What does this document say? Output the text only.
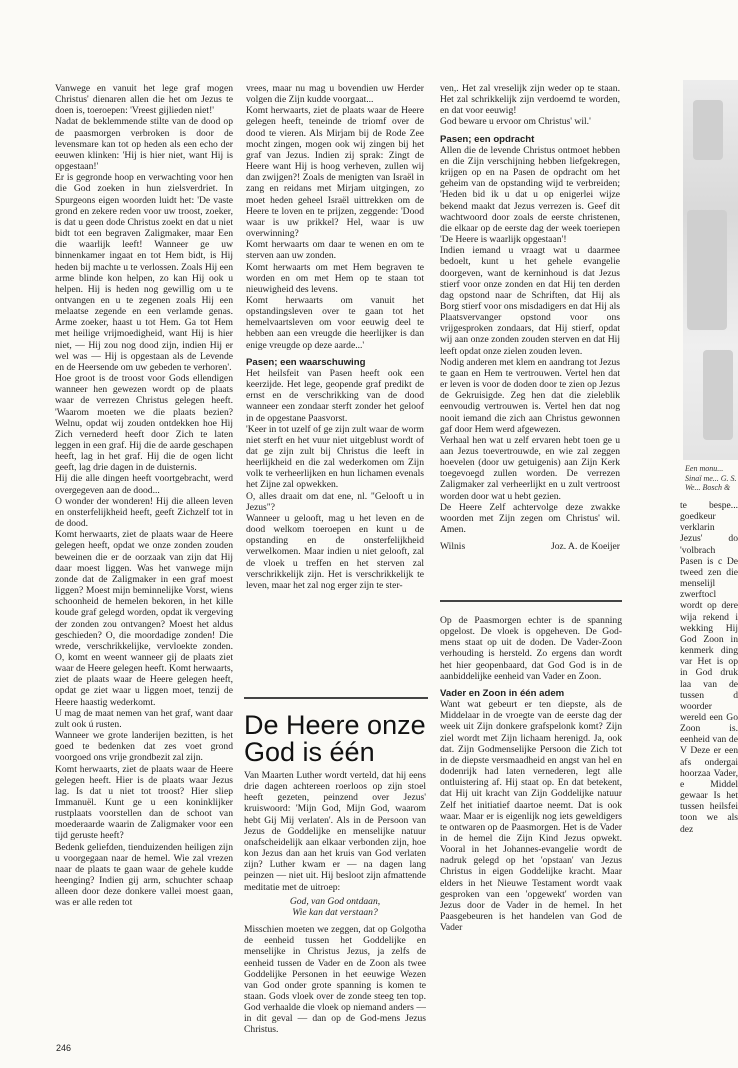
Vanwege en vanuit het lege graf mogen Christus' dienaren allen die het om Jezus te doen is, toeroepen: 'Vreest gijlieden niet!'

Nadat de beklemmende stilte van de dood op de paasmorgen verbroken is door de levensmare kan tot op heden als een echo der eeuwen klinken: 'Hij is hier niet, want Hij is opgestaan!'

Er is gegronde hoop en verwachting voor hen die God zoeken in hun zielsverdriet. In Spurgeons eigen woorden luidt het: 'De vaste grond en zekere reden voor uw troost, zoeker, is dat u geen dode Christus zoekt en dat u niet bidt tot een begraven Zaligmaker, maar Een die waarlijk leeft! Wanneer ge uw binnenkamer ingaat en tot Hem bidt, is Hij heden bij machte u te verlossen. Zoals Hij een arme blinde kon helpen, zo kan Hij ook u helpen. Hij is heden nog gewillig om u te ontvangen en u te zegenen zoals Hij een melaatse zegende en een verlamde genas. Arme zoeker, haast u tot Hem. Ga tot Hem met heilige vrijmoedigheid, want Hij is hier niet, — Hij zou nog dood zijn, indien Hij er wel was — Hij is opgestaan als de Levende en de Heersende om uw gebeden te verhoren'.

Hoe groot is de troost voor Gods ellendigen wanneer hen gewezen wordt op de plaats waar de verrezen Christus gelegen heeft. 'Waarom moeten we die plaats bezien? Welnu, opdat wij zouden ontdekken hoe Hij Zich vernederd heeft door Zich te laten leggen in een graf. Hij die de aarde geschapen heeft, lag in het graf. Hij die de ogen licht geeft, lag drie dagen in de duisternis.

Hij die alle dingen heeft voortgebracht, werd overgegeven aan de dood...

O wonder der wonderen! Hij die alleen leven en onsterfelijkheid heeft, geeft Zichzelf tot in de dood.

Komt herwaarts, ziet de plaats waar de Heere gelegen heeft, opdat we onze zonden zouden beweinen die er de oorzaak van zijn dat Hij daar moest liggen. Was het vanwege mijn zonde dat de Zaligmaker in een graf moest liggen? Moest mijn beminnelijke Vorst, wiens schoonheid de hemelen bekoren, in het kille koude graf gelegd worden, opdat ik vergeving der zonden zou ontvangen? Moest het aldus geschieden? O, die moordadige zonden! Die wrede, verschrikkelijke, vervloekte zonden. O, komt en weent wanneer gij de plaats ziet waar de Heere gelegen heeft. Komt herwaarts, ziet de plaats waar de Heere gelegen heeft, opdat ge ziet waar u liggen moet, tenzij de Heere haastig wederkomt.

U mag de maat nemen van het graf, want daar zult ook ú rusten.

Wanneer we grote landerijen bezitten, is het goed te bedenken dat zes voet grond voorgoed ons vrije grondbezit zal zijn.

Komt herwaarts, ziet de plaats waar de Heere gelegen heeft. Hier is de plaats waar Jezus lag. Is dat u niet tot troost? Hier sliep Immanuël. Kunt ge u een koninklijker rustplaats voorstellen dan de schoot van moederaarde waarin de Zaligmaker voor een tijd geruste heeft?

Bedenk geliefden, tienduizenden heiligen zijn u voorgegaan naar de hemel. Wie zal vrezen naar de plaats te gaan waar de gehele kudde heenging? Indien gij arm, schuchter schaap alleen door deze donkere vallei moest gaan, was er alle reden tot

vrees, maar nu mag u bovendien uw Herder volgen die Zijn kudde voorgaat...

Komt herwaarts, ziet de plaats waar de Heere gelegen heeft, teneinde de triomf over de dood te vieren. Als Mirjam bij de Rode Zee mocht zingen, mogen ook wij zingen bij het graf van Jezus. Indien zij sprak: Zingt de Heere want Hij is hoog verheven, zullen wij dan zwijgen?! Zoals de menigten van Israël in zang en reidans met Mirjam uitgingen, zo moet heden geheel Israël uittrekken om de Heere te loven en te prijzen, zeggende: 'Dood waar is uw prikkel? Hel, waar is uw overwinning?

Komt herwaarts om daar te wenen en om te sterven aan uw zonden.

Komt herwaarts om met Hem begraven te worden en om met Hem op te staan tot nieuwigheid des levens.

Komt herwaarts om vanuit het opstandingsleven over te gaan tot het hemelvaartsleven om voor eeuwig deel te hebben aan een vreugde die heerlijker is dan enige vreugde op deze aarde...'

Pasen; een waarschuwing

Het heilsfeit van Pasen heeft ook een keerzijde. Het lege, geopende graf predikt de ernst en de verschrikking van de dood wanneer een zondaar sterft zonder het geloof in de opgestane Paasvorst.

'Keer in tot uzelf of ge zijn zult waar de worm niet sterft en het vuur niet uitgeblust wordt of dat ge zijn zult bij Christus die leeft in heerlijkheid en die zal wederkomen om Zijn volk te verheerlijken en hun lichamen evenals het Zijne zal opwekken.

O, alles draait om dat ene, nl. "Gelooft u in Jezus"?

Wanneer u gelooft, mag u het leven en de dood welkom toeroepen en kunt u de opstanding en de onsterfelijkheid verwelkomen. Maar indien u niet gelooft, zal de vloek u treffen en het sterven zal verschrikkelijk zijn. Het is verschrikkelijk te leven, maar het zal nog erger zijn te ster-

ven,. Het zal vreselijk zijn weder op te staan. Het zal schrikkelijk zijn verdoemd te worden, en dat voor eeuwig!

God beware u ervoor om Christus' wil.'

Pasen; een opdracht

Allen die de levende Christus ontmoet hebben en die Zijn verschijning hebben liefgekregen, krijgen op en na Pasen de opdracht om het geheim van de opstanding wijd te verbreiden; 'Heden bid ik u dat u op enigerlei wijze bekend maakt dat Jezus verrezen is. Geef dit wachtwoord door zoals de eerste christenen, die elkaar op de eerste dag der week toeriepen 'De Heere is waarlijk opgestaan'!

Indien iemand u vraagt wat u daarmee bedoelt, kunt u het gehele evangelie doorgeven, want de kerninhoud is dat Jezus stierf voor onze zonden en dat Hij ten derden dag opstond naar de Schriften, dat Hij als Borg stierf voor ons misdadigers en dat Hij als Plaatsvervanger opstond voor ons vrijgesproken zondaars, dat Hij stierf, opdat wij aan onze zonden zouden sterven en dat Hij leeft opdat onze zielen zouden leven.

Nodig anderen met klem en aandrang tot Jezus te gaan en Hem te vertrouwen. Vertel hen dat er leven is voor de doden door te zien op Jezus de Gekruisigde. Zeg hen dat die zieleblik eenvoudig vertrouwen is. Vertel hen dat nog nooit iemand die zich aan Christus gewonnen gaf door Hem werd afgewezen.

Verhaal hen wat u zelf ervaren hebt toen ge u aan Jezus toevertrouwde, en wie zal zeggen hoevelen (door uw getuigenis) aan Zijn Kerk toegevoegd zullen worden. De verrezen Zaligmaker zal verheerlijkt en u zult vertroost worden door wat u hebt gezien.

De Heere Zelf achtervolge deze zwakke woorden met Zijn zegen om Christus' wil. Amen.

Wilnis	Joz. A. de Koeijer

De Heere onze God is één

Van Maarten Luther wordt verteld, dat hij eens drie dagen achtereen roerloos op zijn stoel heeft gezeten, peinzend over Jezus' kruiswoord: 'Mijn God, Mijn God, waarom hebt Gij Mij verlaten'. Als in de Persoon van Jezus de Goddelijke en menselijke natuur onafscheidelijk aan elkaar verbonden zijn, hoe kon Jezus dan aan het kruis van God verlaten zijn? Luther kwam er — na dagen lang peinzen — niet uit. Hij besloot zijn afmattende meditatie met de uitroep:

God, van God ontdaan,

Wie kan dat verstaan?

Misschien moeten we zeggen, dat op Golgotha de eenheid tussen het Goddelijke en menselijke in Christus Jezus, ja zelfs de eenheid tussen de Vader en de Zoon als twee Goddelijke Personen in het eeuwige Wezen van God onder grote spanning is komen te staan. Gods vloek over de zonde steeg ten top. God verhaalde die vloek op niemand anders — in dit geval — dan op de God-mens Jezus Christus.

Op de Paasmorgen echter is de spanning opgelost. De vloek is opgeheven. De God-mens staat op uit de doden. De Vader-Zoon verhouding is hersteld. Zo ergens dan wordt het hier geopenbaard, dat God God is in de aanbiddelijke eenheid van Vader en Zoon.

Vader en Zoon in één adem

Want wat gebeurt er ten diepste, als de Middelaar in de vroegte van de eerste dag der week uit Zijn donkere grafspelonk komt? Zijn ziel wordt met Zijn lichaam herenigd. Ja, ook dat. Zijn Godmenselijke Persoon die Zich tot in de diepste versmaadheid en angst van hel en dodenrijk had laten vernederen, legt alle ontluistering af. Hij staat op. En dat betekent, dat Hij uit kracht van Zijn Goddelijke natuur Zelf het initiatief daartoe neemt. Dat is ook waar. Maar er is eigenlijk nog iets geweldigers te ontwaren op de Paasmorgen. Het is de Vader in de hemel die Zijn Kind Jezus opwekt. Vooral in het Johannes-evangelie wordt de nadruk gelegd op het 'opstaan' van Jezus Christus in eigen Goddelijke kracht. Maar elders in het Nieuwe Testament wordt vaak gesproken van een 'opgewekt' worden van Jezus door de Vader in de hemel. In het Paasgebeuren is het handelen van God de Vader

Een monu... Sinaï me... G. S. We... Bosch &

te bespe... goedkeur verklarin Jezus' do 'volbrach Pasen is c De tweed zen die menselijl zwerftocl wordt op dere wija rekend i wekking Hij God Zoon in kenmerk ding var Het is op in God druk laa van de tussen d woorder wereld een Go Zoon is. eenheid van de V Deze er een afs ondergai hoorzaa Vader, e Middel gewaar Is het tussen heilsfei toon we als dez

246
